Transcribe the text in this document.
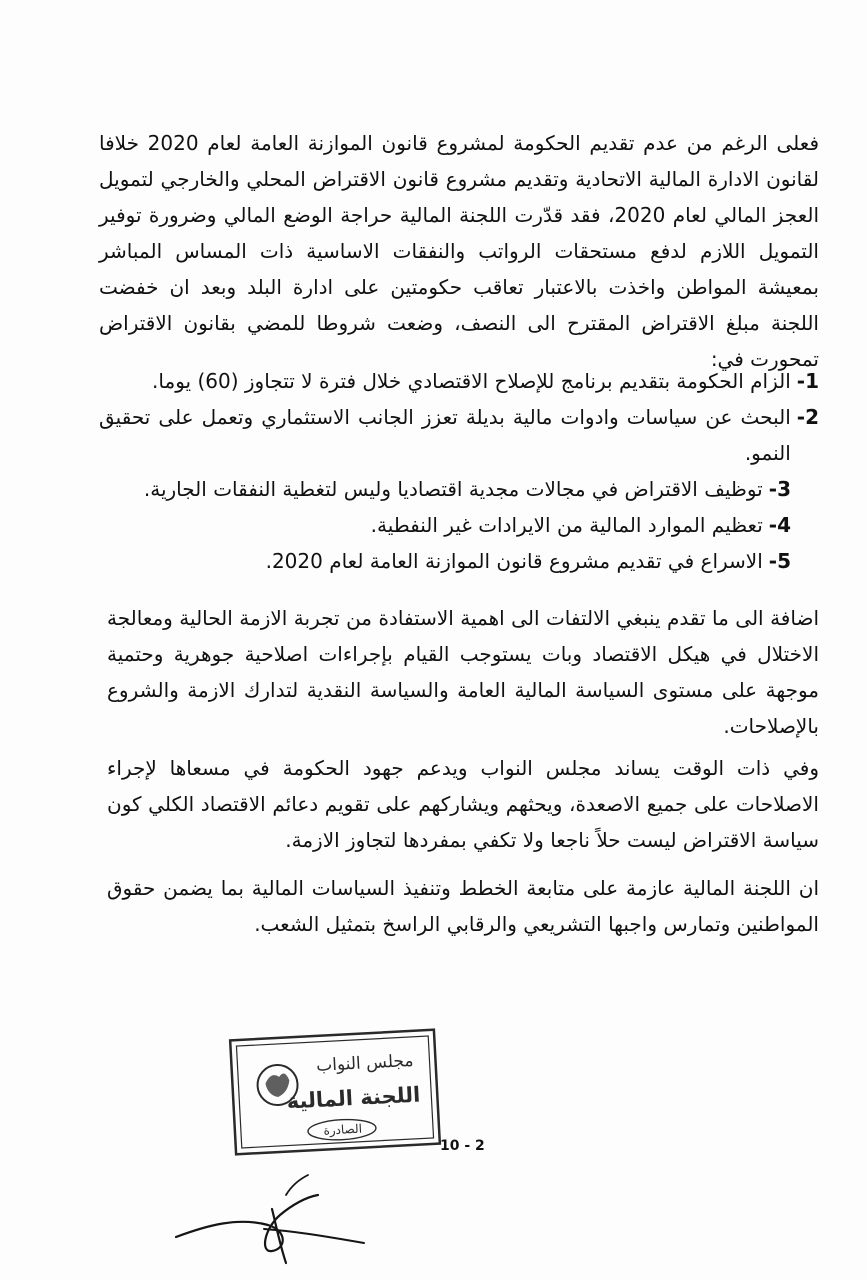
فعلى الرغم من عدم تقديم الحكومة لمشروع قانون الموازنة العامة لعام 2020 خلافا لقانون الادارة المالية الاتحادية وتقديم مشروع قانون الاقتراض المحلي والخارجي لتمويل العجز المالي لعام 2020، فقد قدّرت اللجنة المالية حراجة الوضع المالي وضرورة توفير التمويل اللازم لدفع مستحقات الرواتب والنفقات الاساسية ذات المساس المباشر بمعيشة المواطن واخذت بالاعتبار تعاقب حكومتين على ادارة البلد وبعد ان خفضت اللجنة مبلغ الاقتراض المقترح الى النصف، وضعت شروطا للمضي بقانون الاقتراض تمحورت في:

1-
الزام الحكومة بتقديم برنامج للإصلاح الاقتصادي خلال فترة لا تتجاوز (60) يوما.
2-
البحث عن سياسات وادوات مالية بديلة تعزز الجانب الاستثماري وتعمل على تحقيق النمو.
3-
توظيف الاقتراض في مجالات مجدية اقتصاديا وليس لتغطية النفقات الجارية.
4-
تعظيم الموارد المالية من الايرادات غير النفطية.
5-
الاسراع في تقديم مشروع قانون الموازنة العامة لعام 2020.

اضافة الى ما تقدم ينبغي الالتفات الى اهمية الاستفادة من تجربة الازمة الحالية ومعالجة الاختلال في هيكل الاقتصاد وبات يستوجب القيام بإجراءات اصلاحية جوهرية وحتمية موجهة على مستوى السياسة المالية العامة والسياسة النقدية لتدارك الازمة والشروع بالإصلاحات.

وفي ذات الوقت يساند مجلس النواب ويدعم جهود الحكومة في مسعاها لإجراء الاصلاحات على جميع الاصعدة، ويحثهم ويشاركهم على تقويم دعائم الاقتصاد الكلي كون سياسة الاقتراض ليست حلاً ناجعا ولا تكفي بمفردها لتجاوز الازمة.

ان اللجنة المالية عازمة على متابعة الخطط وتنفيذ السياسات المالية بما يضمن حقوق المواطنين وتمارس واجبها التشريعي والرقابي الراسخ بتمثيل الشعب.

مجلس النواب
اللجنة المالية
الصادرة
10 - 2
